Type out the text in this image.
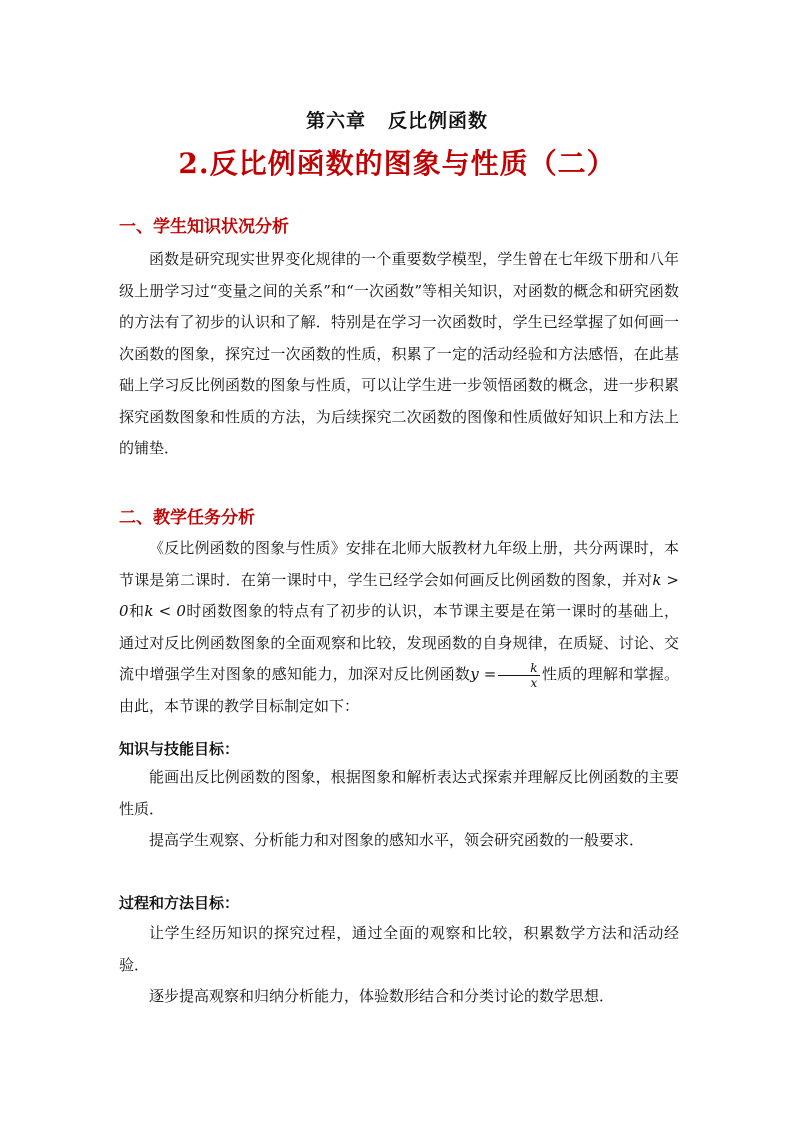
第六章 反比例函数
2.反比例函数的图象与性质（二）
一、学生知识状况分析

函数是研究现实世界变化规律的一个重要数学模型，学生曾在七年级下册和八年级上册学习过“变量之间的关系”和“一次函数”等相关知识，对函数的概念和研究函数的方法有了初步的认识和了解．特别是在学习一次函数时，学生已经掌握了如何画一次函数的图象，探究过一次函数的性质，积累了一定的活动经验和方法感悟，在此基础上学习反比例函数的图象与性质，可以让学生进一步领悟函数的概念，进一步积累探究函数图象和性质的方法，为后续探究二次函数的图像和性质做好知识上和方法上的铺垫．

二、教学任务分析

《反比例函数的图象与性质》安排在北师大版教材九年级上册，共分两课时，本节课是第二课时．在第一课时中，学生已经学会如何画反比例函数的图象，并对k > 0和k < 0时函数图象的特点有了初步的认识，本节课主要是在第一课时的基础上，通过对反比例函数图象的全面观察和比较，发现函数的自身规律，在质疑、讨论、交流中增强学生对图象的感知能力，加深对反比例函数$y = \frac{k}{x}$ 性质的理解和掌握。由此，本节课的教学目标制定如下：

知识与技能目标：

能画出反比例函数的图象，根据图象和解析表达式探索并理解反比例函数的主要性质．

提高学生观察、分析能力和对图象的感知水平，领会研究函数的一般要求．

过程和方法目标：

让学生经历知识的探究过程，通过全面的观察和比较，积累数学方法和活动经验．

逐步提高观察和归纳分析能力，体验数形结合和分类讨论的数学思想．
